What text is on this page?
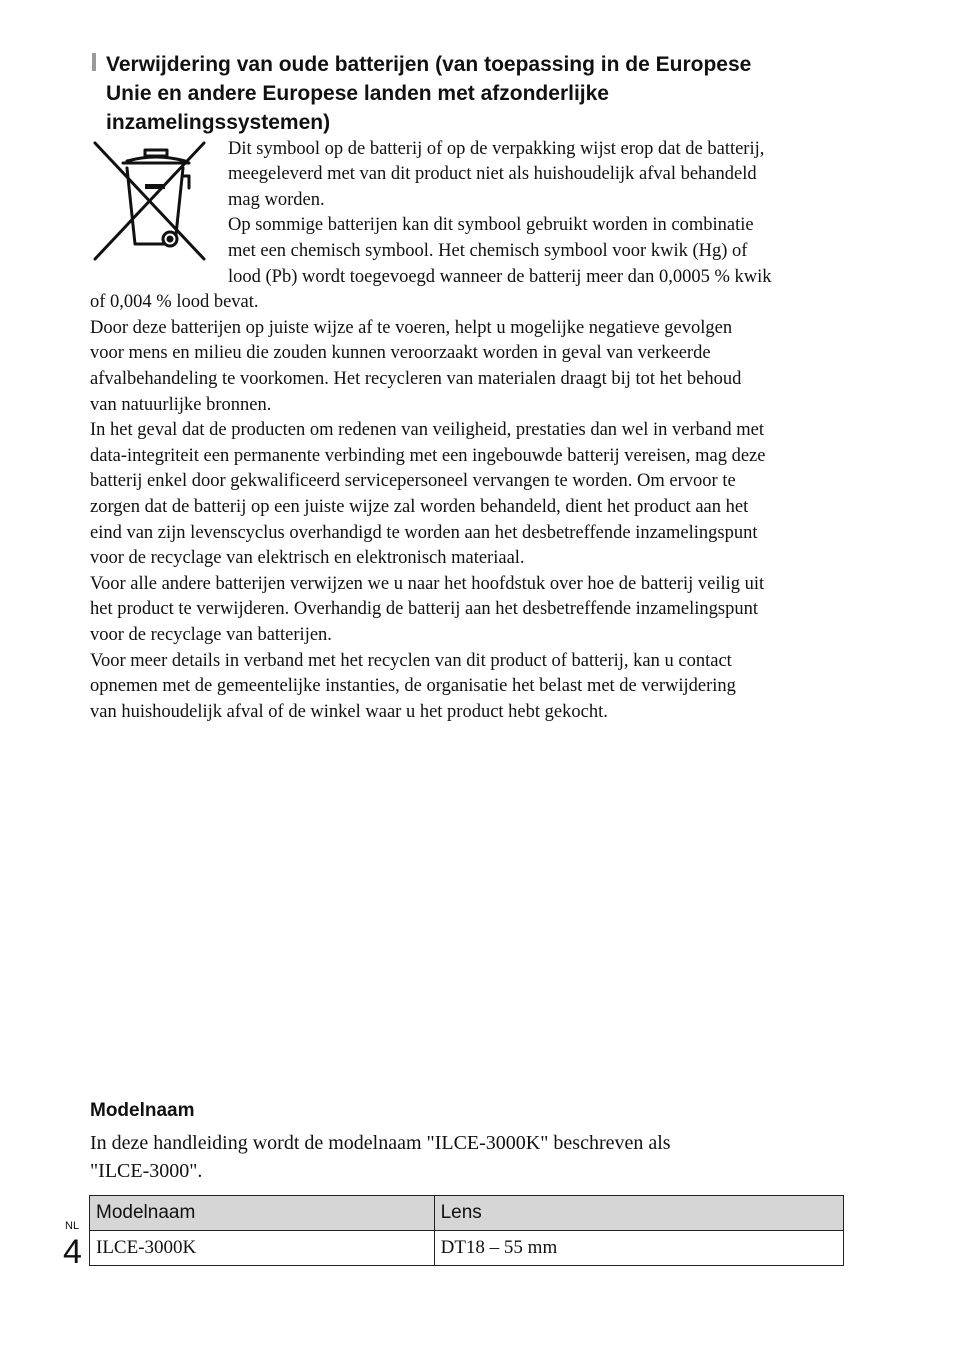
Verwijdering van oude batterijen (van toepassing in de Europese
Unie en andere Europese landen met afzonderlijke
inzamelingssystemen)
Dit symbool op de batterij of op de verpakking wijst erop dat de batterij,
meegeleverd met van dit product niet als huishoudelijk afval behandeld
mag worden.
Op sommige batterijen kan dit symbool gebruikt worden in combinatie
met een chemisch symbool. Het chemisch symbool voor kwik (Hg) of
lood (Pb) wordt toegevoegd wanneer de batterij meer dan 0,0005 % kwik
of 0,004 % lood bevat.
Door deze batterijen op juiste wijze af te voeren, helpt u mogelijke negatieve gevolgen
voor mens en milieu die zouden kunnen veroorzaakt worden in geval van verkeerde
afvalbehandeling te voorkomen. Het recycleren van materialen draagt bij tot het behoud
van natuurlijke bronnen.
In het geval dat de producten om redenen van veiligheid, prestaties dan wel in verband met
data-integriteit een permanente verbinding met een ingebouwde batterij vereisen, mag deze
batterij enkel door gekwalificeerd servicepersoneel vervangen te worden. Om ervoor te
zorgen dat de batterij op een juiste wijze zal worden behandeld, dient het product aan het
eind van zijn levenscyclus overhandigd te worden aan het desbetreffende inzamelingspunt
voor de recyclage van elektrisch en elektronisch materiaal.
Voor alle andere batterijen verwijzen we u naar het hoofdstuk over hoe de batterij veilig uit
het product te verwijderen. Overhandig de batterij aan het desbetreffende inzamelingspunt
voor de recyclage van batterijen.
Voor meer details in verband met het recyclen van dit product of batterij, kan u contact
opnemen met de gemeentelijke instanties, de organisatie het belast met de verwijdering
van huishoudelijk afval of de winkel waar u het product hebt gekocht.
Modelnaam
In deze handleiding wordt de modelnaam "ILCE-3000K" beschreven als
"ILCE-3000".
Modelnaam	Lens
ILCE-3000K	DT18 – 55 mm
NL
4
